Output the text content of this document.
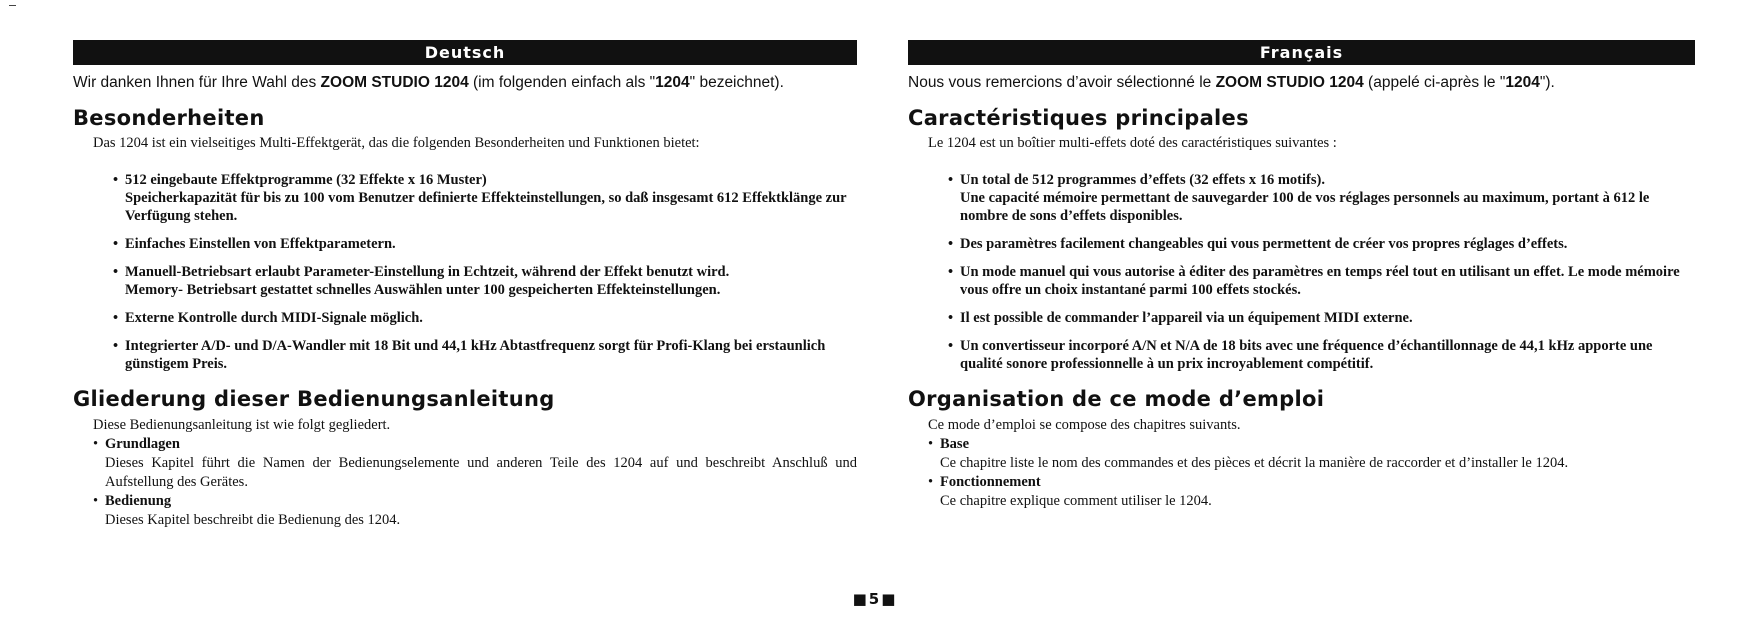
Deutsch
Wir danken Ihnen für Ihre Wahl des ZOOM STUDIO 1204 (im folgenden einfach als "1204" bezeichnet).
Besonderheiten
Das 1204 ist ein vielseitiges Multi-Effektgerät, das die folgenden Besonderheiten und Funktionen bietet:
• 512 eingebaute Effektprogramme (32 Effekte x 16 Muster)
Speicherkapazität für bis zu 100 vom Benutzer definierte Effekteinstellungen, so daß insgesamt 612 Effektklänge zur Verfügung stehen.
• Einfaches Einstellen von Effektparametern.
• Manuell-Betriebsart erlaubt Parameter-Einstellung in Echtzeit, während der Effekt benutzt wird.
Memory- Betriebsart gestattet schnelles Auswählen unter 100 gespeicherten Effekteinstellungen.
• Externe Kontrolle durch MIDI-Signale möglich.
• Integrierter A/D- und D/A-Wandler mit 18 Bit und 44,1 kHz Abtastfrequenz sorgt für Profi-Klang bei erstaunlich günstigem Preis.
Gliederung dieser Bedienungsanleitung
Diese Bedienungsanleitung ist wie folgt gegliedert.
• Grundlagen
Dieses Kapitel führt die Namen der Bedienungselemente und anderen Teile des 1204 auf und beschreibt Anschluß und Aufstellung des Gerätes.
• Bedienung
Dieses Kapitel beschreibt die Bedienung des 1204.
Français
Nous vous remercions d’avoir sélectionné le ZOOM STUDIO 1204 (appelé ci-après le "1204").
Caractéristiques principales
Le 1204 est un boîtier multi-effets doté des caractéristiques suivantes :
• Un total de 512 programmes d’effets (32 effets x 16 motifs).
Une capacité mémoire permettant de sauvegarder 100 de vos réglages personnels au maximum, portant à 612 le nombre de sons d’effets disponibles.
• Des paramètres facilement changeables qui vous permettent de créer vos propres réglages d’effets.
• Un mode manuel qui vous autorise à éditer des paramètres en temps réel tout en utilisant un effet. Le mode mémoire vous offre un choix instantané parmi 100 effets stockés.
• Il est possible de commander l’appareil via un équipement MIDI externe.
• Un convertisseur incorporé A/N et N/A de 18 bits avec une fréquence d’échantillonnage de 44,1 kHz apporte une qualité sonore professionnelle à un prix incroyablement compétitif.
Organisation de ce mode d’emploi
Ce mode d’emploi se compose des chapitres suivants.
• Base
Ce chapitre liste le nom des commandes et des pièces et décrit la manière de raccorder et d’installer le 1204.
• Fonctionnement
Ce chapitre explique comment utiliser le 1204.
■5■
